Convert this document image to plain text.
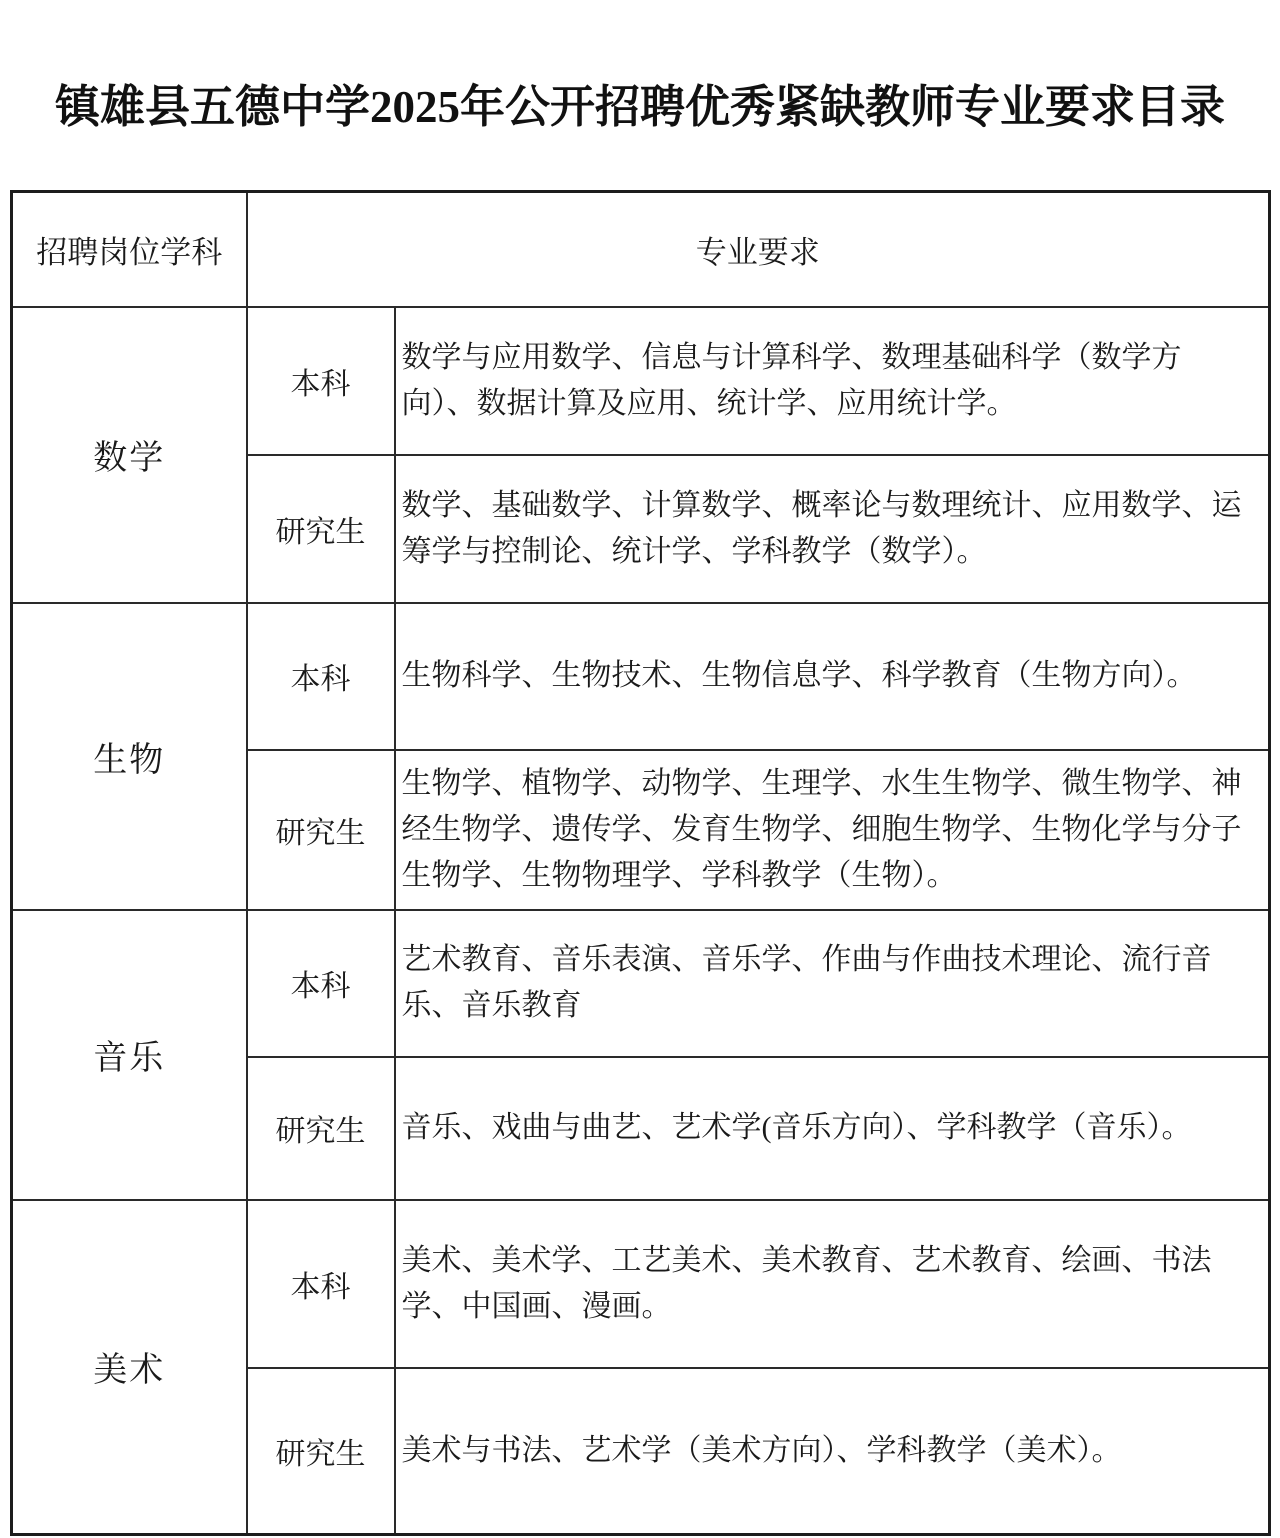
镇雄县五德中学2025年公开招聘优秀紧缺教师专业要求目录
招聘岗位学科	专业要求	
数学	本科	数学与应用数学、信息与计算科学、数理基础科学（数学方向）、数据计算及应用、统计学、应用统计学。
	研究生	数学、基础数学、计算数学、概率论与数理统计、应用数学、运筹学与控制论、统计学、学科教学（数学）。
生物	本科	生物科学、生物技术、生物信息学、科学教育（生物方向）。
	研究生	生物学、植物学、动物学、生理学、水生生物学、微生物学、神经生物学、遗传学、发育生物学、细胞生物学、生物化学与分子生物学、生物物理学、学科教学（生物）。
音乐	本科	艺术教育、音乐表演、音乐学、作曲与作曲技术理论、流行音乐、音乐教育
	研究生	音乐、戏曲与曲艺、艺术学(音乐方向）、学科教学（音乐）。
美术	本科	美术、美术学、工艺美术、美术教育、艺术教育、绘画、书法学、中国画、漫画。
	研究生	美术与书法、艺术学（美术方向）、学科教学（美术）。
